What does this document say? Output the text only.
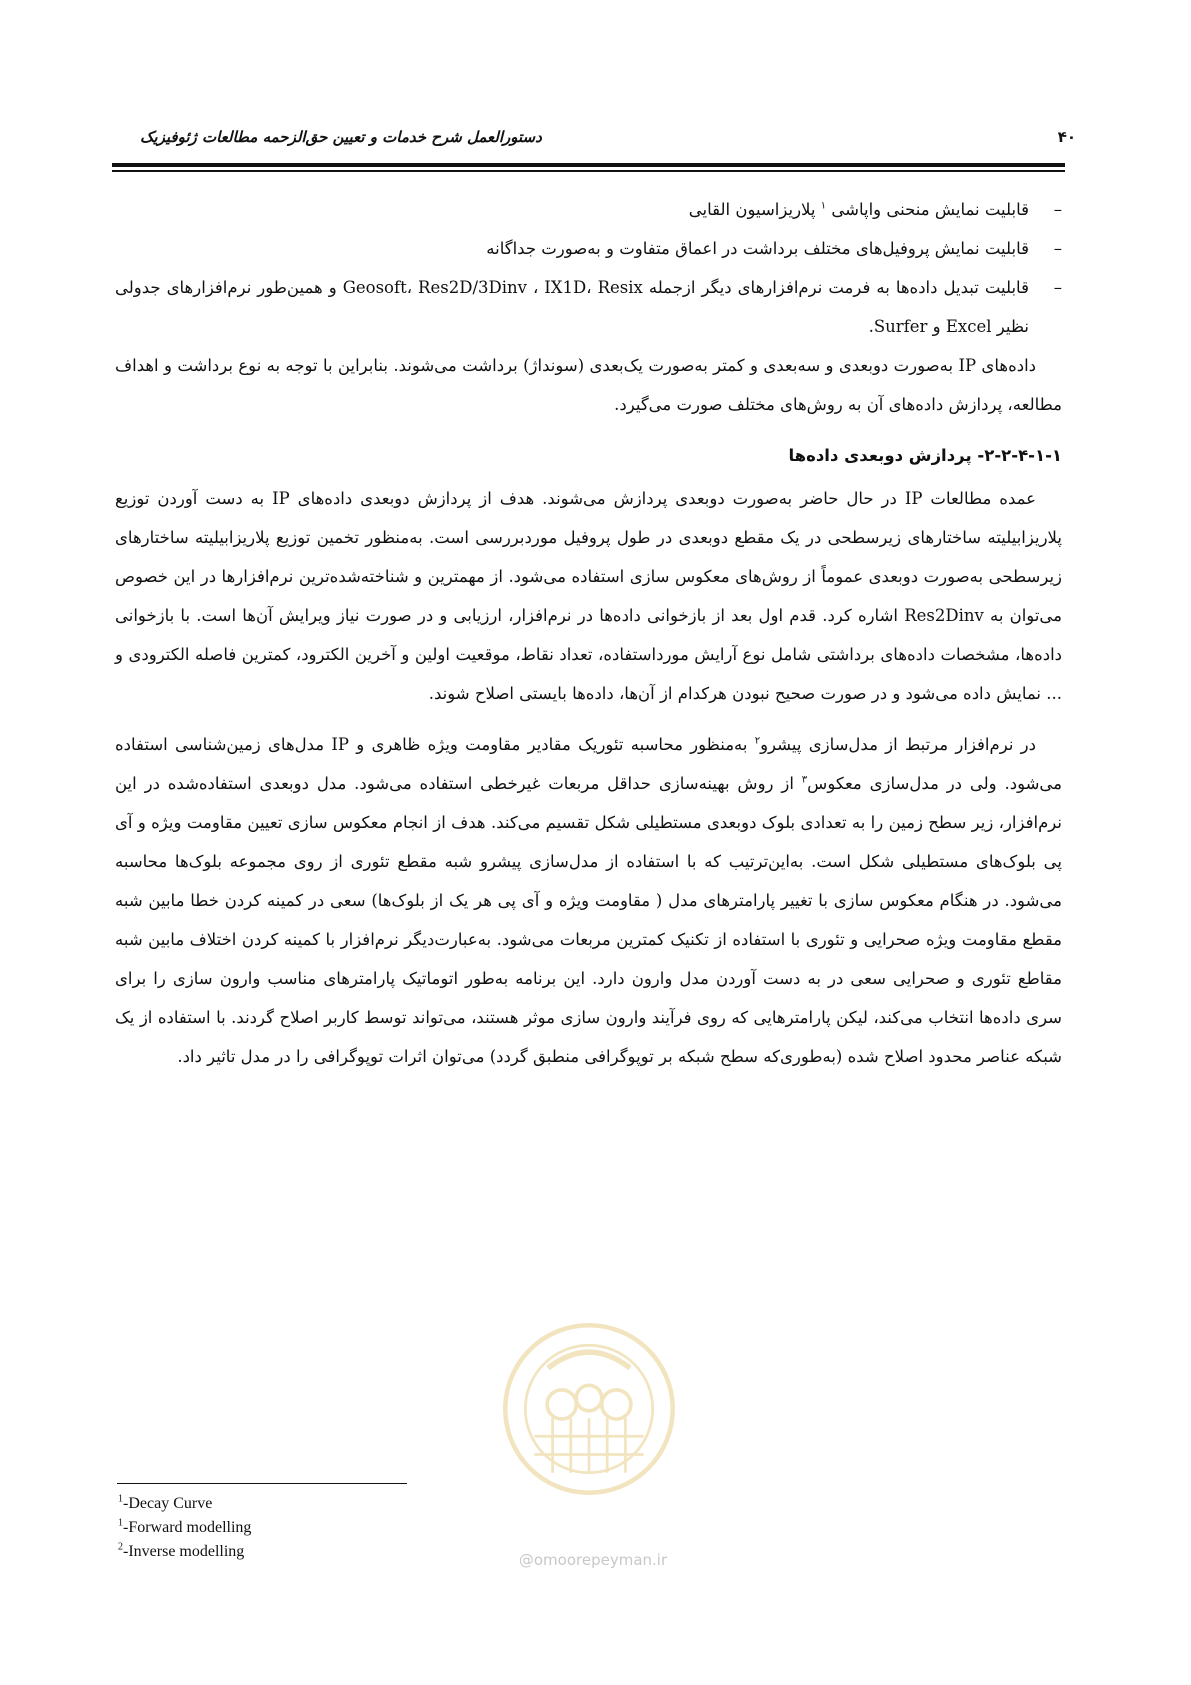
دستورالعمل شرح خدمات و تعیین حق‌الزحمه مطالعات ژئوفیزیک	۴۰

–
قابلیت نمایش منحنی واپاشی $^۱$ پلاریزاسیون القایی

–
قابلیت نمایش پروفیل‌های مختلف برداشت در اعماق متفاوت و به‌صورت جداگانه

–
قابلیت تبدیل داده‌ها به فرمت نرم‌افزارهای دیگر ازجمله Geosoft، Res2D/3Dinv ، IX1D، Resix و همین‌طور نرم‌افزارهای جدولی نظیر Excel و Surfer.

داده‌های IP به‌صورت دوبعدی و سه‌بعدی و کمتر به‌صورت یک‌بعدی (سونداژ) برداشت می‌شوند. بنابراین با توجه به نوع برداشت و اهداف مطالعه، پردازش داده‌های آن به روش‌های مختلف صورت می‌گیرد.

۲-۲-۴-۱-۱- پردازش دوبعدی داده‌ها

عمده مطالعات IP در حال حاضر به‌صورت دوبعدی پردازش می‌شوند. هدف از پردازش دوبعدی داده‌های IP به دست آوردن توزیع پلاریزابیلیته ساختارهای زیرسطحی در یک مقطع دوبعدی در طول پروفیل موردبررسی است. به‌منظور تخمین توزیع پلاریزابیلیته ساختارهای زیرسطحی به‌صورت دوبعدی عموماً از روش‌های معکوس سازی استفاده می‌شود. از مهمترین و شناخته‌شده‌ترین نرم‌افزارها در این خصوص می‌توان به Res2Dinv اشاره کرد. قدم اول بعد از بازخوانی داده‌ها در نرم‌افزار، ارزیابی و در صورت نیاز ویرایش آن‌ها است. با بازخوانی داده‌ها، مشخصات داده‌های برداشتی شامل نوع آرایش مورداستفاده، تعداد نقاط، موقعیت اولین و آخرین الکترود، کمترین فاصله الکترودی و ... نمایش داده می‌شود و در صورت صحیح نبودن هرکدام از آن‌ها، داده‌ها بایستی اصلاح شوند.

در نرم‌افزار مرتبط از مدل‌سازی پیشرو$^۲$ به‌منظور محاسبه تئوریک مقادیر مقاومت ویژه ظاهری و IP مدل‌های زمین‌شناسی استفاده می‌شود. ولی در مدل‌سازی معکوس$^۳$ از روش بهینه‌سازی حداقل مربعات غیرخطی استفاده می‌شود. مدل دوبعدی استفاده‌شده در این نرم‌افزار، زیر سطح زمین را به تعدادی بلوک دوبعدی مستطیلی شکل تقسیم می‌کند. هدف از انجام معکوس سازی تعیین مقاومت ویژه و آی پی بلوک‌های مستطیلی شکل است. به‌این‌ترتیب که با استفاده از مدل‌سازی پیشرو شبه مقطع تئوری از روی مجموعه بلوک‌ها محاسبه می‌شود. در هنگام معکوس سازی با تغییر پارامترهای مدل ( مقاومت ویژه و آی پی هر یک از بلوک‌ها) سعی در کمینه کردن خطا مابین شبه مقطع مقاومت ویژه صحرایی و تئوری با استفاده از تکنیک کمترین مربعات می‌شود. به‌عبارت‌دیگر نرم‌افزار با کمینه کردن اختلاف مابین شبه مقاطع تئوری و صحرایی سعی در به دست آوردن مدل وارون دارد. این برنامه به‌طور اتوماتیک پارامترهای مناسب وارون سازی را برای سری داده‌ها انتخاب می‌کند، لیکن پارامترهایی که روی فرآیند وارون سازی موثر هستند، می‌تواند توسط کاربر اصلاح گردند. با استفاده از یک شبکه عناصر محدود اصلاح شده (به‌طوری‌که سطح شبکه بر توپوگرافی منطبق گردد) می‌توان اثرات توپوگرافی را در مدل تاثیر داد.

@omoorepeyman.ir
$^1$-Decay Curve
$^1$-Forward modelling
$^2$-Inverse modelling
